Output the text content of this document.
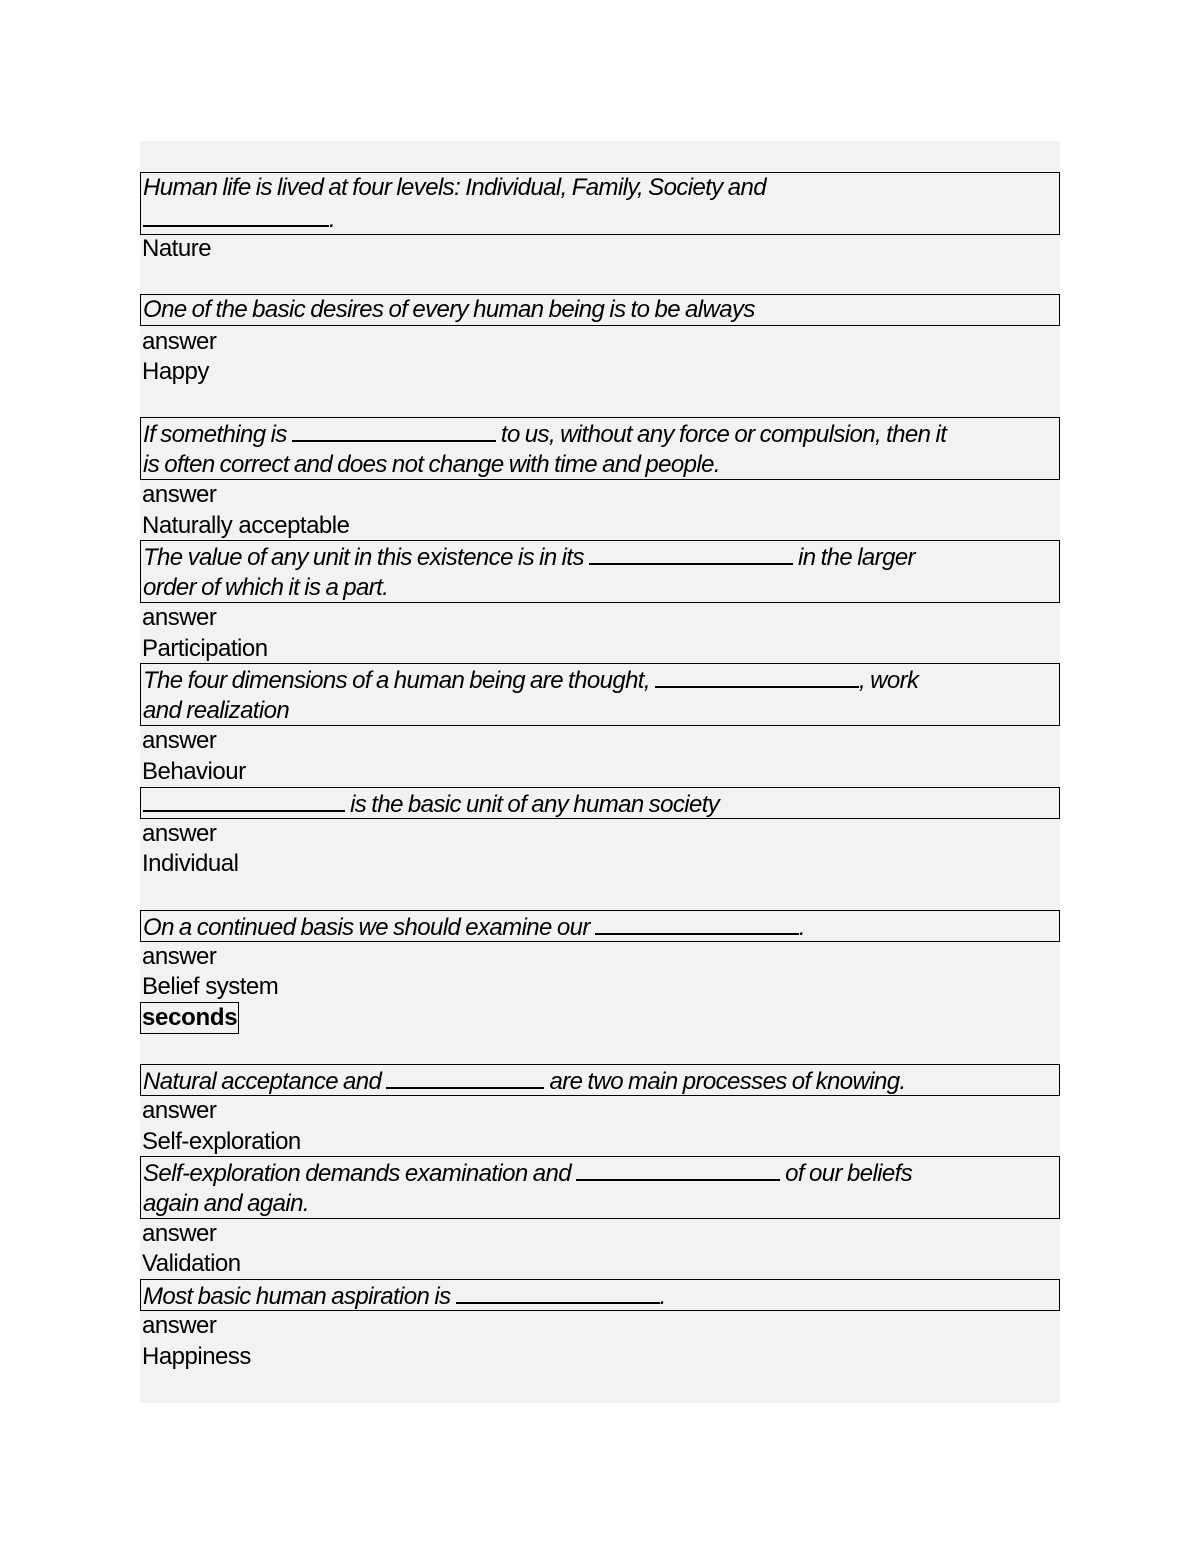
Human life is lived at four levels: Individual, Family, Society and
.
Nature
One of the basic desires of every human being is to be always
answer
Happy
If something is	to us, without any force or compulsion, then it
is often correct and does not change with time and people.
answer
Naturally acceptable
The value of any unit in this existence is in its	in the larger
order of which it is a part.
answer
Participation
The four dimensions of a human being are thought,	, work
and realization
answer
Behaviour
is the basic unit of any human society
answer
Individual
On a continued basis we should examine our	.
answer
Belief system
seconds
Natural acceptance and	are two main processes of knowing.
answer
Self-exploration
Self-exploration demands examination and	of our beliefs
again and again.
answer
Validation
Most basic human aspiration is	.
answer
Happiness
